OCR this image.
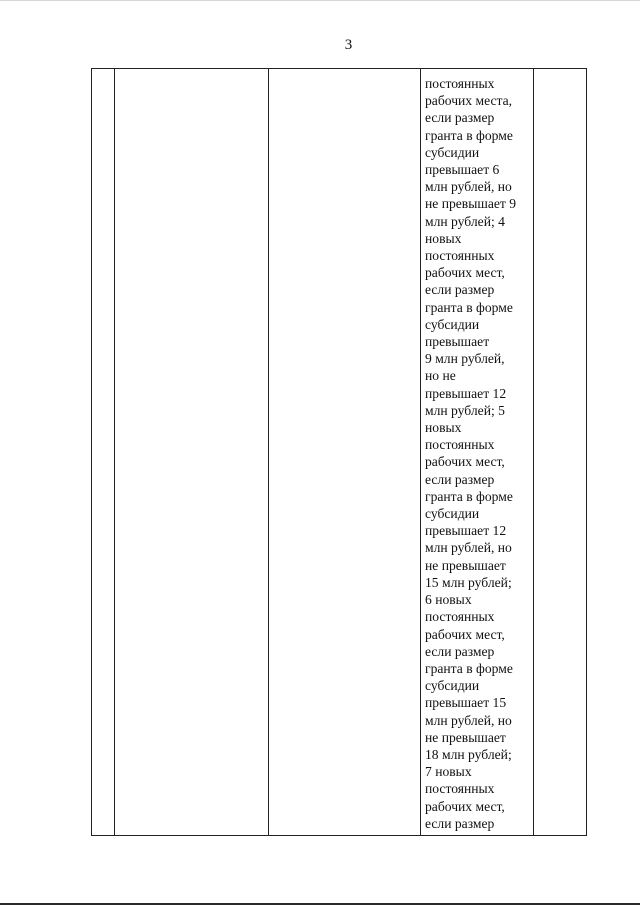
3

постоянных
рабочих места,
если размер
гранта в форме
субсидии
превышает 6
млн рублей, но
не превышает 9
млн рублей; 4
новых
постоянных
рабочих мест,
если размер
гранта в форме
субсидии
превышает
9 млн рублей,
но не
превышает 12
млн рублей; 5
новых
постоянных
рабочих мест,
если размер
гранта в форме
субсидии
превышает 12
млн рублей, но
не превышает
15 млн рублей;
6 новых
постоянных
рабочих мест,
если размер
гранта в форме
субсидии
превышает 15
млн рублей, но
не превышает
18 млн рублей;
7 новых
постоянных
рабочих мест,
если размер
